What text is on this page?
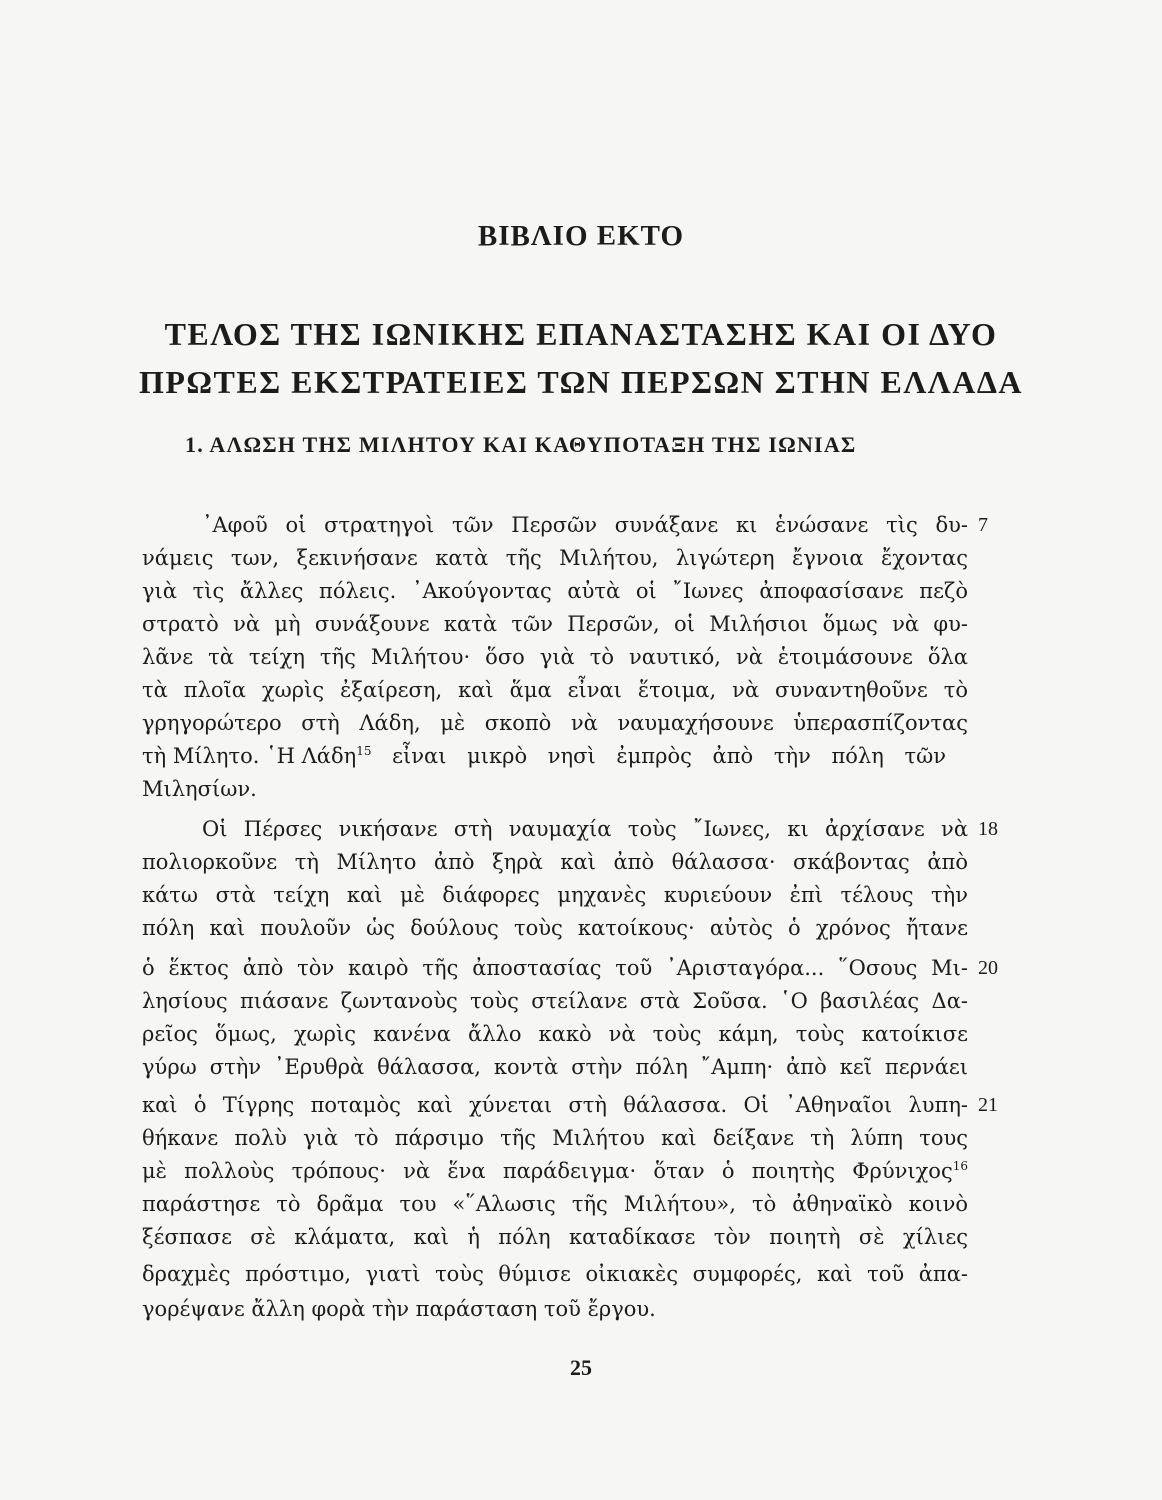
ΒΙΒΛΙΟ ΕΚΤΟ
ΤΕΛΟΣ ΤΗΣ ΙΩΝΙΚΗΣ ΕΠΑΝΑΣΤΑΣΗΣ ΚΑΙ ΟΙ ΔΥΟ
ΠΡΩΤΕΣ ΕΚΣΤΡΑΤΕΙΕΣ ΤΩΝ ΠΕΡΣΩΝ ΣΤΗΝ ΕΛΛΑΔΑ
1. ΑΛΩΣΗ ΤΗΣ ΜΙΛΗΤΟΥ ΚΑΙ ΚΑΘΥΠΟΤΑΞΗ ΤΗΣ ΙΩΝΙΑΣ
᾿Αφοῦ οἱ στρατηγοὶ τῶν Περσῶν συνάξανε κι ἑνώσανε τὶς δυ- 7
νάμεις των, ξεκινήσανε κατὰ τῆς Μιλήτου, λιγώτερη ἔγνοια ἔχοντας
γιὰ τὶς ἄλλες πόλεις. ᾿Ακούγοντας αὐτὰ οἱ ῎Ιωνες ἀποφασίσανε πεζὸ
στρατὸ νὰ μὴ συνάξουνε κατὰ τῶν Περσῶν, οἱ Μιλήσιοι ὅμως νὰ φυ-
λᾶνε τὰ τείχη τῆς Μιλήτου· ὅσο γιὰ τὸ ναυτικό, νὰ ἑτοιμάσουνε ὅλα
τὰ πλοῖα χωρὶς ἐξαίρεση, καὶ ἅμα εἶναι ἕτοιμα, νὰ συναντηθοῦνε τὸ
γρηγορώτερο στὴ Λάδη, μὲ σκοπὸ νὰ ναυμαχήσουνε ὑπερασπίζοντας
τὴ Μίλητο. ῾Η Λάδη$^{15}$ εἶναι μικρὸ νησὶ ἐμπρὸς ἀπὸ τὴν πόλη τῶν
Μιλησίων.
Οἱ Πέρσες νικήσανε στὴ ναυμαχία τοὺς ῎Ιωνες, κι ἀρχίσανε νὰ 18
πολιορκοῦνε τὴ Μίλητο ἀπὸ ξηρὰ καὶ ἀπὸ θάλασσα· σκάβοντας ἀπὸ
κάτω στὰ τείχη καὶ μὲ διάφορες μηχανὲς κυριεύουν ἐπὶ τέλους τὴν
πόλη καὶ πουλοῦν ὡς δούλους τοὺς κατοίκους· αὐτὸς ὁ χρόνος ἤτανε
ὁ ἕκτος ἀπὸ τὸν καιρὸ τῆς ἀποστασίας τοῦ ᾿Αρισταγόρα... ῞Οσους Μι- 20
λησίους πιάσανε ζωντανοὺς τοὺς στείλανε στὰ Σοῦσα. ῾Ο βασιλέας Δα-
ρεῖος ὅμως, χωρὶς κανένα ἄλλο κακὸ νὰ τοὺς κάμη, τοὺς κατοίκισε
γύρω στὴν ᾿Ερυθρὰ θάλασσα, κοντὰ στὴν πόλη ῎Αμπη· ἀπὸ κεῖ περνάει
καὶ ὁ Τίγρης ποταμὸς καὶ χύνεται στὴ θάλασσα. Οἱ ᾿Αθηναῖοι λυπη- 21
θήκανε πολὺ γιὰ τὸ πάρσιμο τῆς Μιλήτου καὶ δείξανε τὴ λύπη τους
μὲ πολλοὺς τρόπους· νὰ ἕνα παράδειγμα· ὅταν ὁ ποιητὴς Φρύνιχος$^{16}$
παράστησε τὸ δρᾶμα του «῞Αλωσις τῆς Μιλήτου», τὸ ἀθηναϊκὸ κοινὸ
ξέσπασε σὲ κλάματα, καὶ ἡ πόλη καταδίκασε τὸν ποιητὴ σὲ χίλιες
δραχμὲς πρόστιμο, γιατὶ τοὺς θύμισε οἰκιακὲς συμφορές, καὶ τοῦ ἀπα-
γορέψανε ἄλλη φορὰ τὴν παράσταση τοῦ ἔργου.
25
